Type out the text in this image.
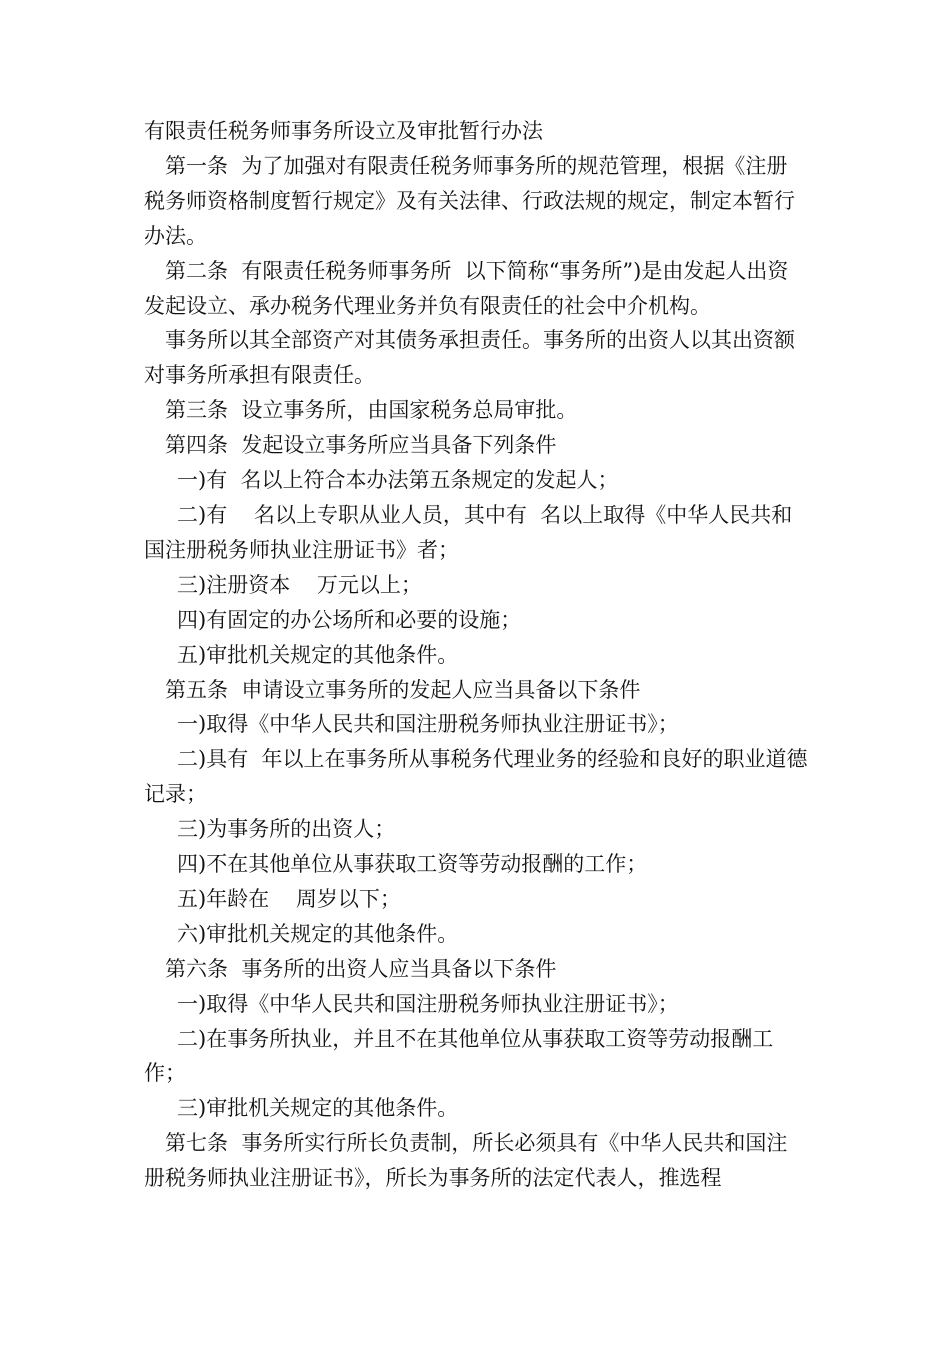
有限责任税务师事务所设立及审批暂行办法

第一条  为了加强对有限责任税务师事务所的规范管理，根据《注册税务师资格制度暂行规定》及有关法律、行政法规的规定，制定本暂行办法。

第二条  有限责任税务师事务所  以下简称“事务所”)是由发起人出资发起设立、承办税务代理业务并负有限责任的社会中介机构。

事务所以其全部资产对其债务承担责任。事务所的出资人以其出资额对事务所承担有限责任。

第三条  设立事务所，由国家税务总局审批。

第四条  发起设立事务所应当具备下列条件

一)有  名以上符合本办法第五条规定的发起人；

二)有    名以上专职从业人员，其中有  名以上取得《中华人民共和国注册税务师执业注册证书》者；

三)注册资本    万元以上；

四)有固定的办公场所和必要的设施；

五)审批机关规定的其他条件。

第五条  申请设立事务所的发起人应当具备以下条件

一)取得《中华人民共和国注册税务师执业注册证书》；

二)具有  年以上在事务所从事税务代理业务的经验和良好的职业道德记录；

三)为事务所的出资人；

四)不在其他单位从事获取工资等劳动报酬的工作；

五)年龄在    周岁以下；

六)审批机关规定的其他条件。

第六条  事务所的出资人应当具备以下条件

一)取得《中华人民共和国注册税务师执业注册证书》；

二)在事务所执业，并且不在其他单位从事获取工资等劳动报酬工作；

三)审批机关规定的其他条件。

第七条  事务所实行所长负责制，所长必须具有《中华人民共和国注册税务师执业注册证书》，所长为事务所的法定代表人，推选程
